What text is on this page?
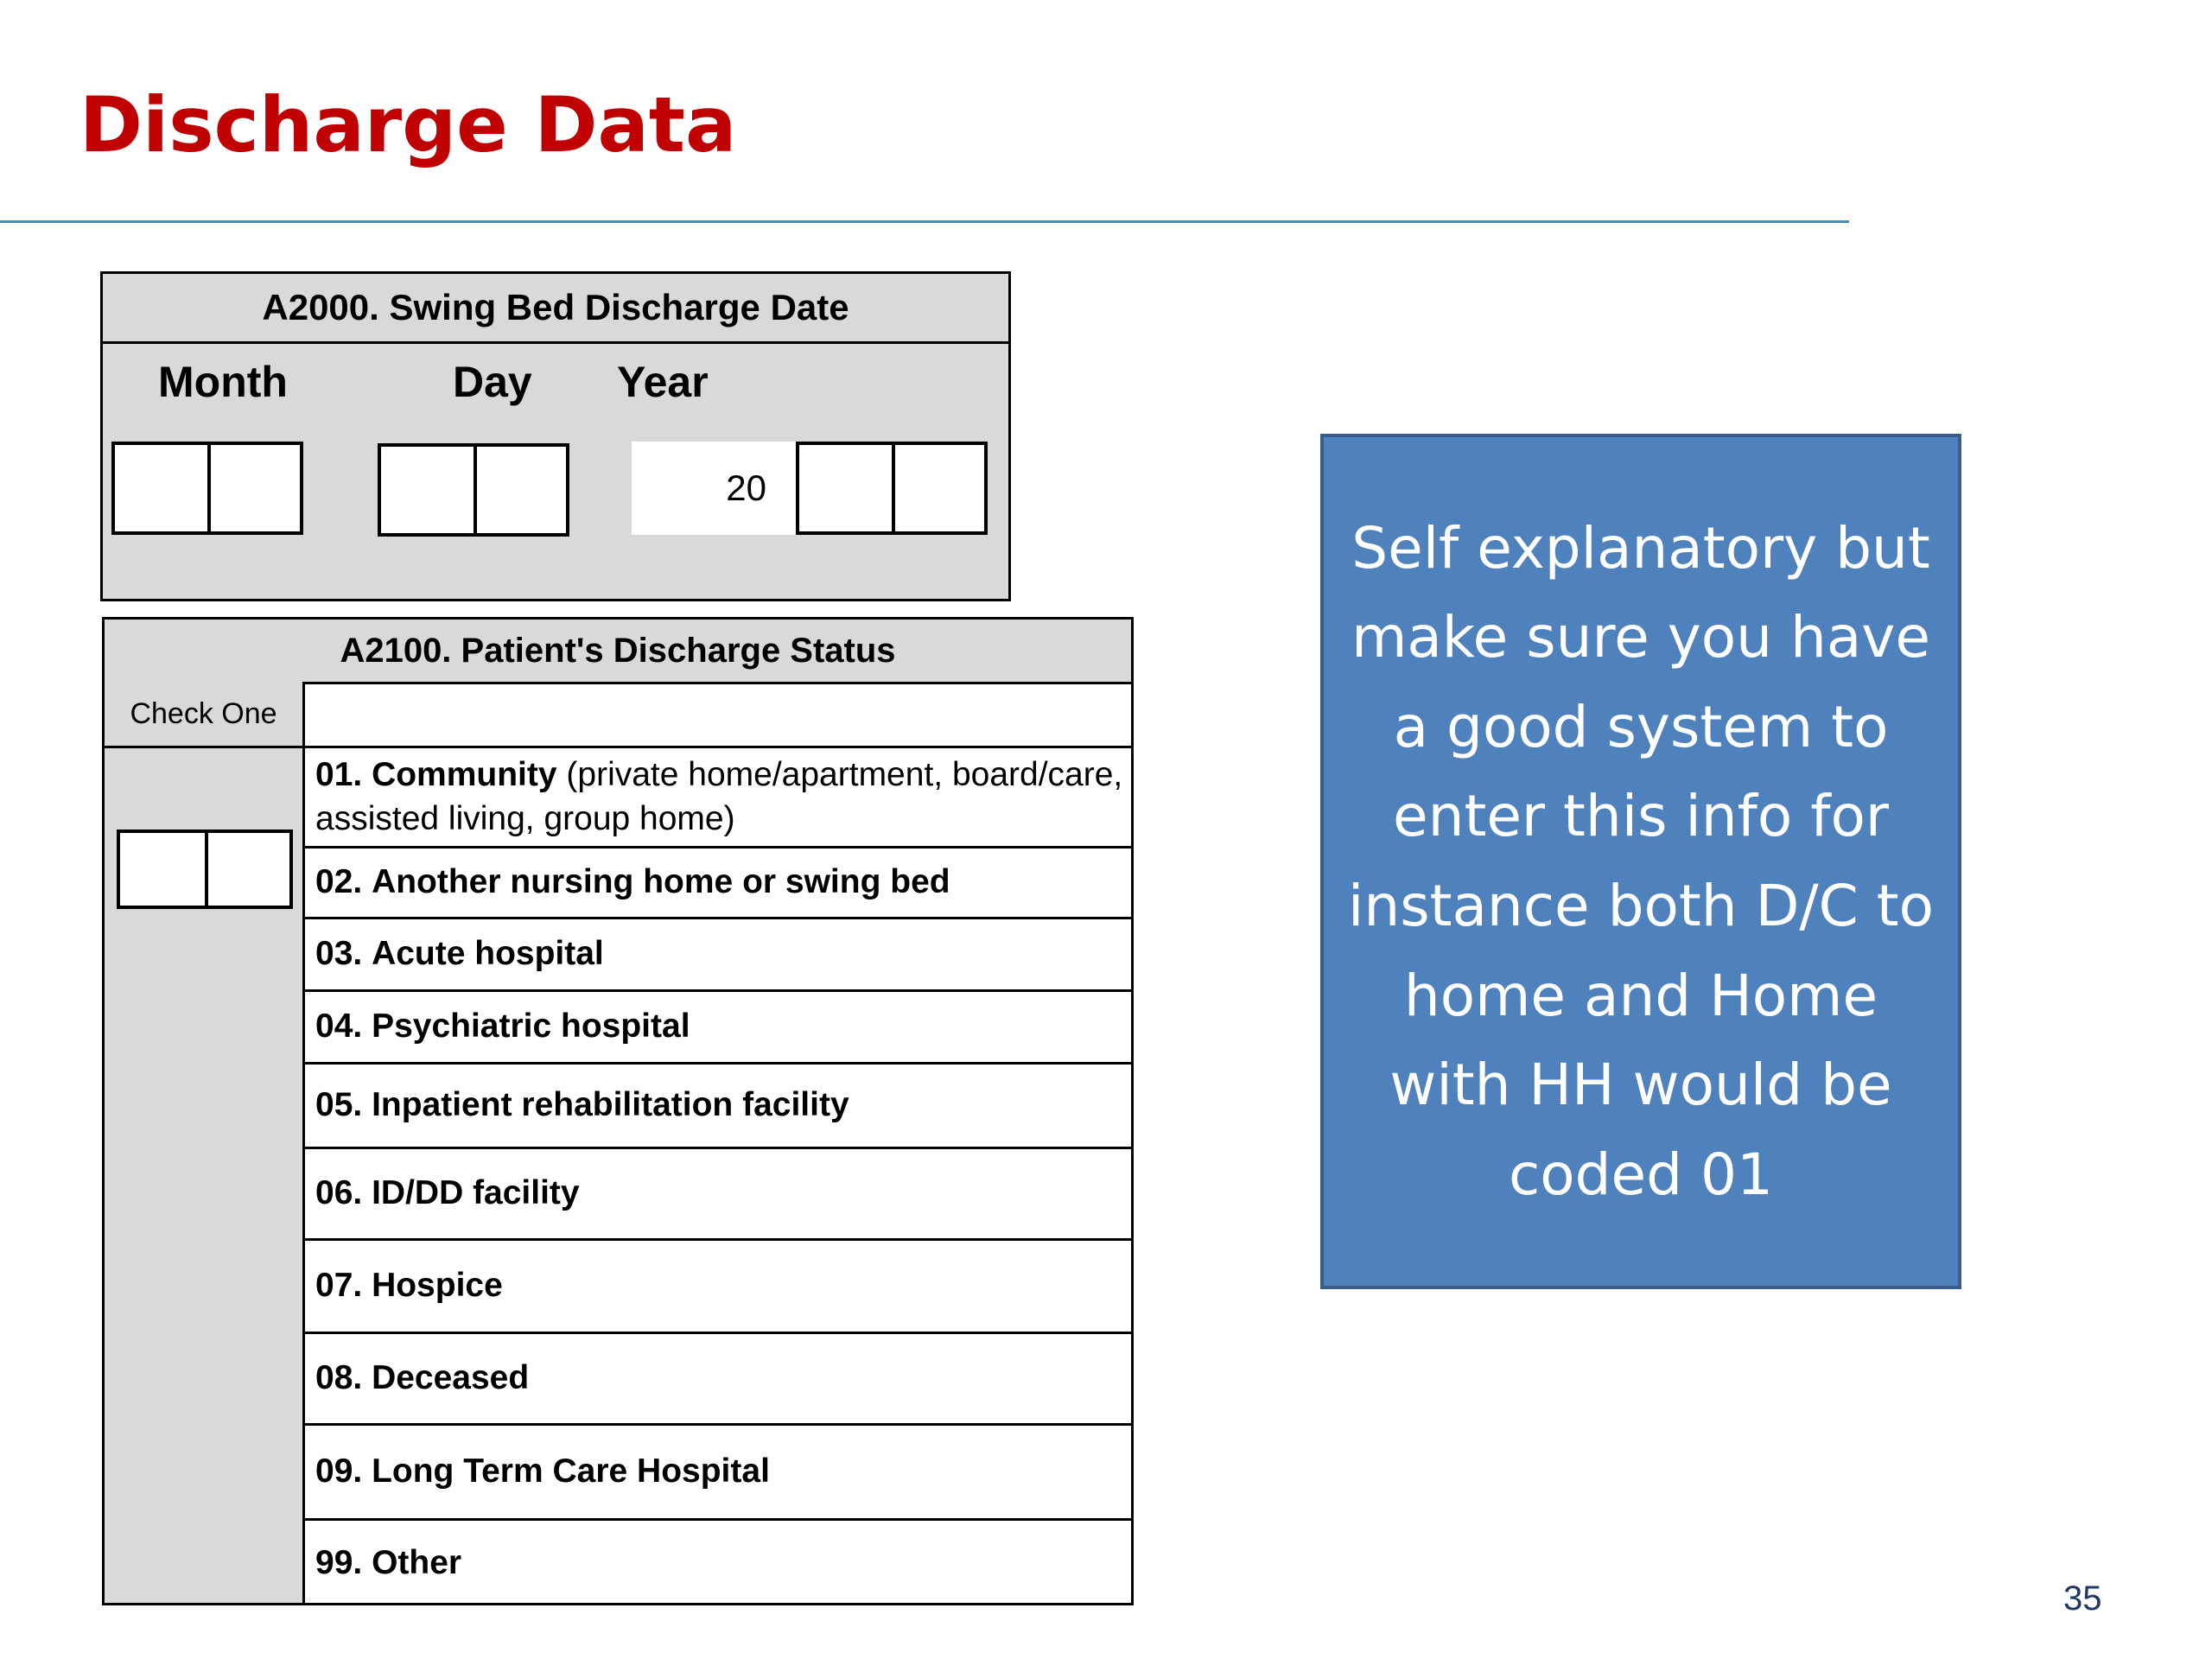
Discharge Data
A2000. Swing Bed Discharge Date
Month	Day Year
20
A2100. Patient's Discharge Status
Check One
01. Community (private home/apartment, board/care, assisted living, group home)
02.
Another nursing home or swing bed
03.
Acute hospital
04.
Psychiatric hospital
05.
Inpatient rehabilitation facility
06.
ID/DD facility
07.
Hospice
08.
Deceased
09.
Long Term Care Hospital
99.
Other
Self explanatory but make sure you have a good system to enter this info for instance both D/C to home and Home with HH would be coded 01
35
